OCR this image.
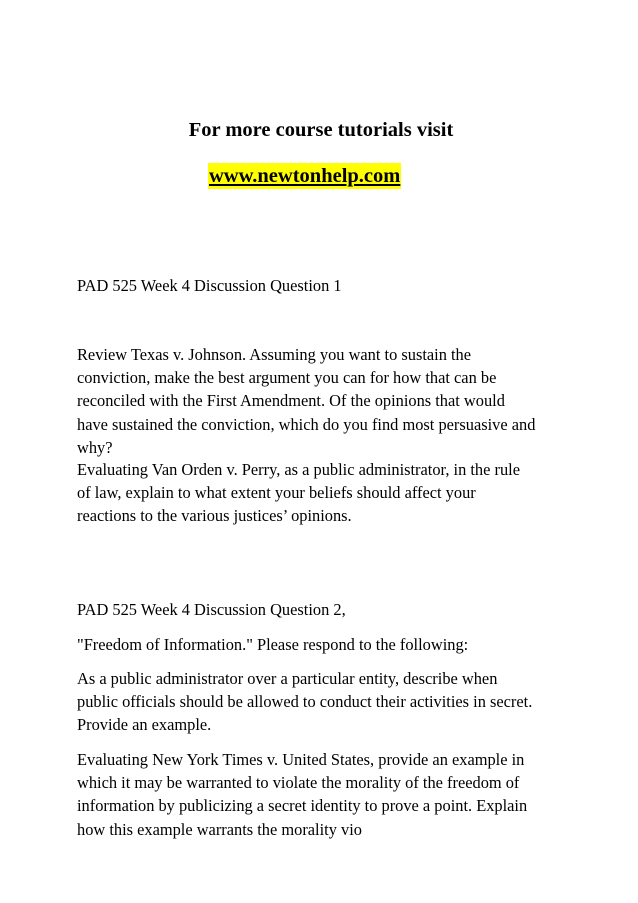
For more course tutorials visit
www.newtonhelp.com

PAD 525 Week 4 Discussion Question 1

Review Texas v. Johnson. Assuming you want to sustain the
conviction, make the best argument you can for how that can be
reconciled with the First Amendment. Of the opinions that would
have sustained the conviction, which do you find most persuasive and
why?

Evaluating Van Orden v. Perry, as a public administrator, in the rule
of law, explain to what extent your beliefs should affect your
reactions to the various justices’ opinions.

PAD 525 Week 4 Discussion Question 2,

"Freedom of Information." Please respond to the following:

As a public administrator over a particular entity, describe when
public officials should be allowed to conduct their activities in secret.
Provide an example.

Evaluating New York Times v. United States, provide an example in
which it may be warranted to violate the morality of the freedom of
information by publicizing a secret identity to prove a point. Explain
how this example warrants the morality vio
